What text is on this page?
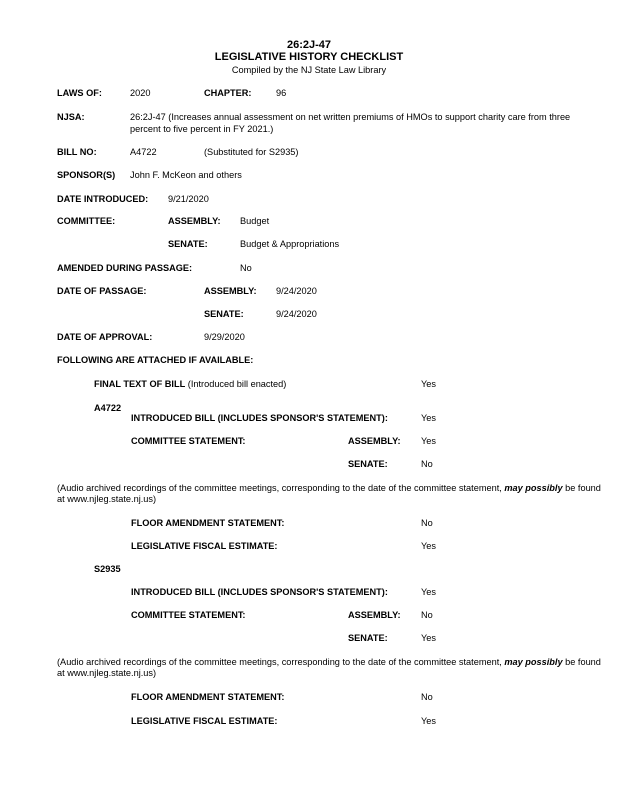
26:2J-47
LEGISLATIVE HISTORY CHECKLIST
Compiled by the NJ State Law Library
LAWS OF:	2020	CHAPTER:	96
NJSA:	26:2J-47 (Increases annual assessment on net written premiums of HMOs to support charity care from three
percent to five percent in FY 2021.)
BILL NO:	A4722	(Substituted for S2935)
SPONSOR(S) John F. McKeon and others
DATE INTRODUCED: 9/21/2020
COMMITTEE:	ASSEMBLY: Budget
SENATE:	Budget & Appropriations
AMENDED DURING PASSAGE:	No
DATE OF PASSAGE:	ASSEMBLY: 9/24/2020
SENATE:	9/24/2020
DATE OF APPROVAL:	9/29/2020
FOLLOWING ARE ATTACHED IF AVAILABLE:
FINAL TEXT OF BILL (Introduced bill enacted)	Yes
A4722
INTRODUCED BILL (INCLUDES SPONSOR'S STATEMENT):	Yes
COMMITTEE STATEMENT:	ASSEMBLY: Yes
SENATE:	No
(Audio archived recordings of the committee meetings, corresponding to the date of the committee statement, may possibly be found at www.njleg.state.nj.us)
FLOOR AMENDMENT STATEMENT:	No
LEGISLATIVE FISCAL ESTIMATE:	Yes
S2935
INTRODUCED BILL (INCLUDES SPONSOR'S STATEMENT):	Yes
COMMITTEE STATEMENT:	ASSEMBLY: No
SENATE:	Yes
(Audio archived recordings of the committee meetings, corresponding to the date of the committee statement, may possibly be found at www.njleg.state.nj.us)
FLOOR AMENDMENT STATEMENT:	No
LEGISLATIVE FISCAL ESTIMATE:	Yes
